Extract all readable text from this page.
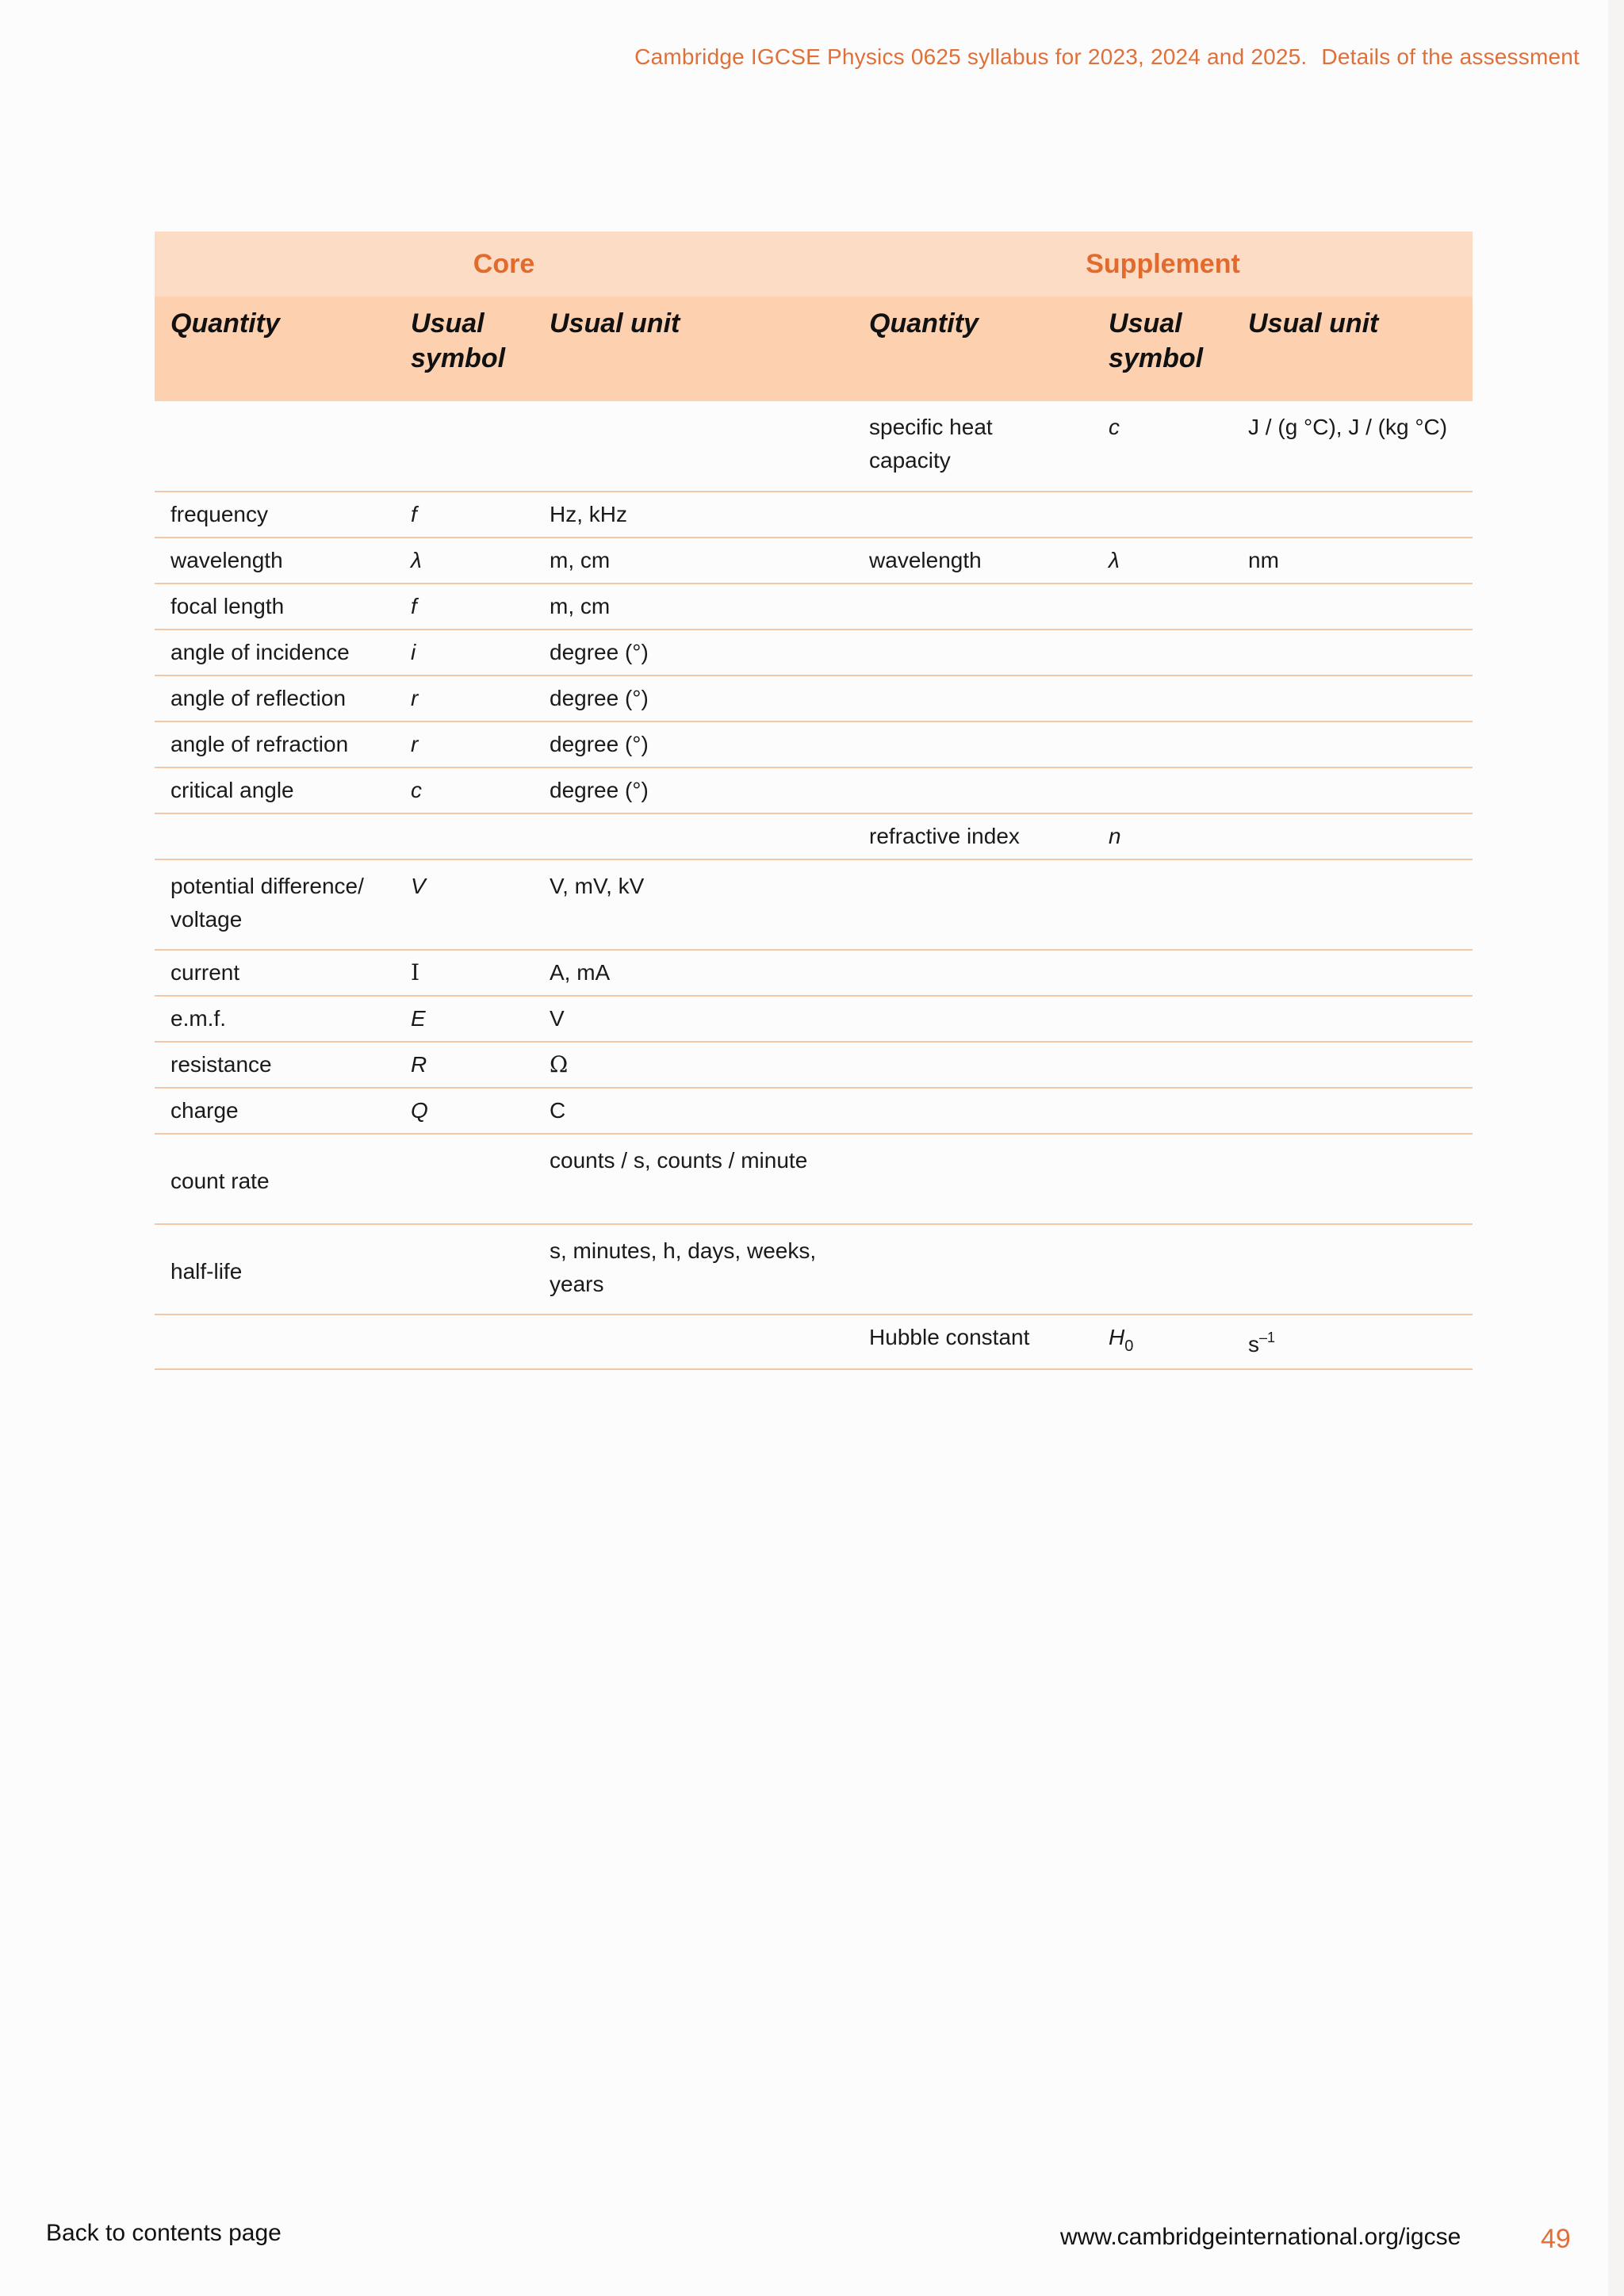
Cambridge IGCSE Physics 0625 syllabus for 2023, 2024 and 2025. Details of the assessment
Core			Supplement		
Quantity	Usual symbol	Usual unit	Quantity	Usual symbol	Usual unit
			specific heat capacity	c	J / (g °C), J / (kg °C)
frequency	f	Hz, kHz			
wavelength	λ	m, cm	wavelength	λ	nm
focal length	f	m, cm			
angle of incidence	i	degree (°)			
angle of reflection	r	degree (°)			
angle of refraction	r	degree (°)			
critical angle	c	degree (°)			
			refractive index	n	
potential difference/ voltage	V	V, mV, kV			
current	I	A, mA			
e.m.f.	E	V			
resistance	R	Ω			
charge	Q	C			
count rate		counts / s, counts / minute			
half-life		s, minutes, h, days, weeks, years			
			Hubble constant	$H_0$	$s^{-1}$
Back to contents page	www.cambridgeinternational.org/igcse	49
